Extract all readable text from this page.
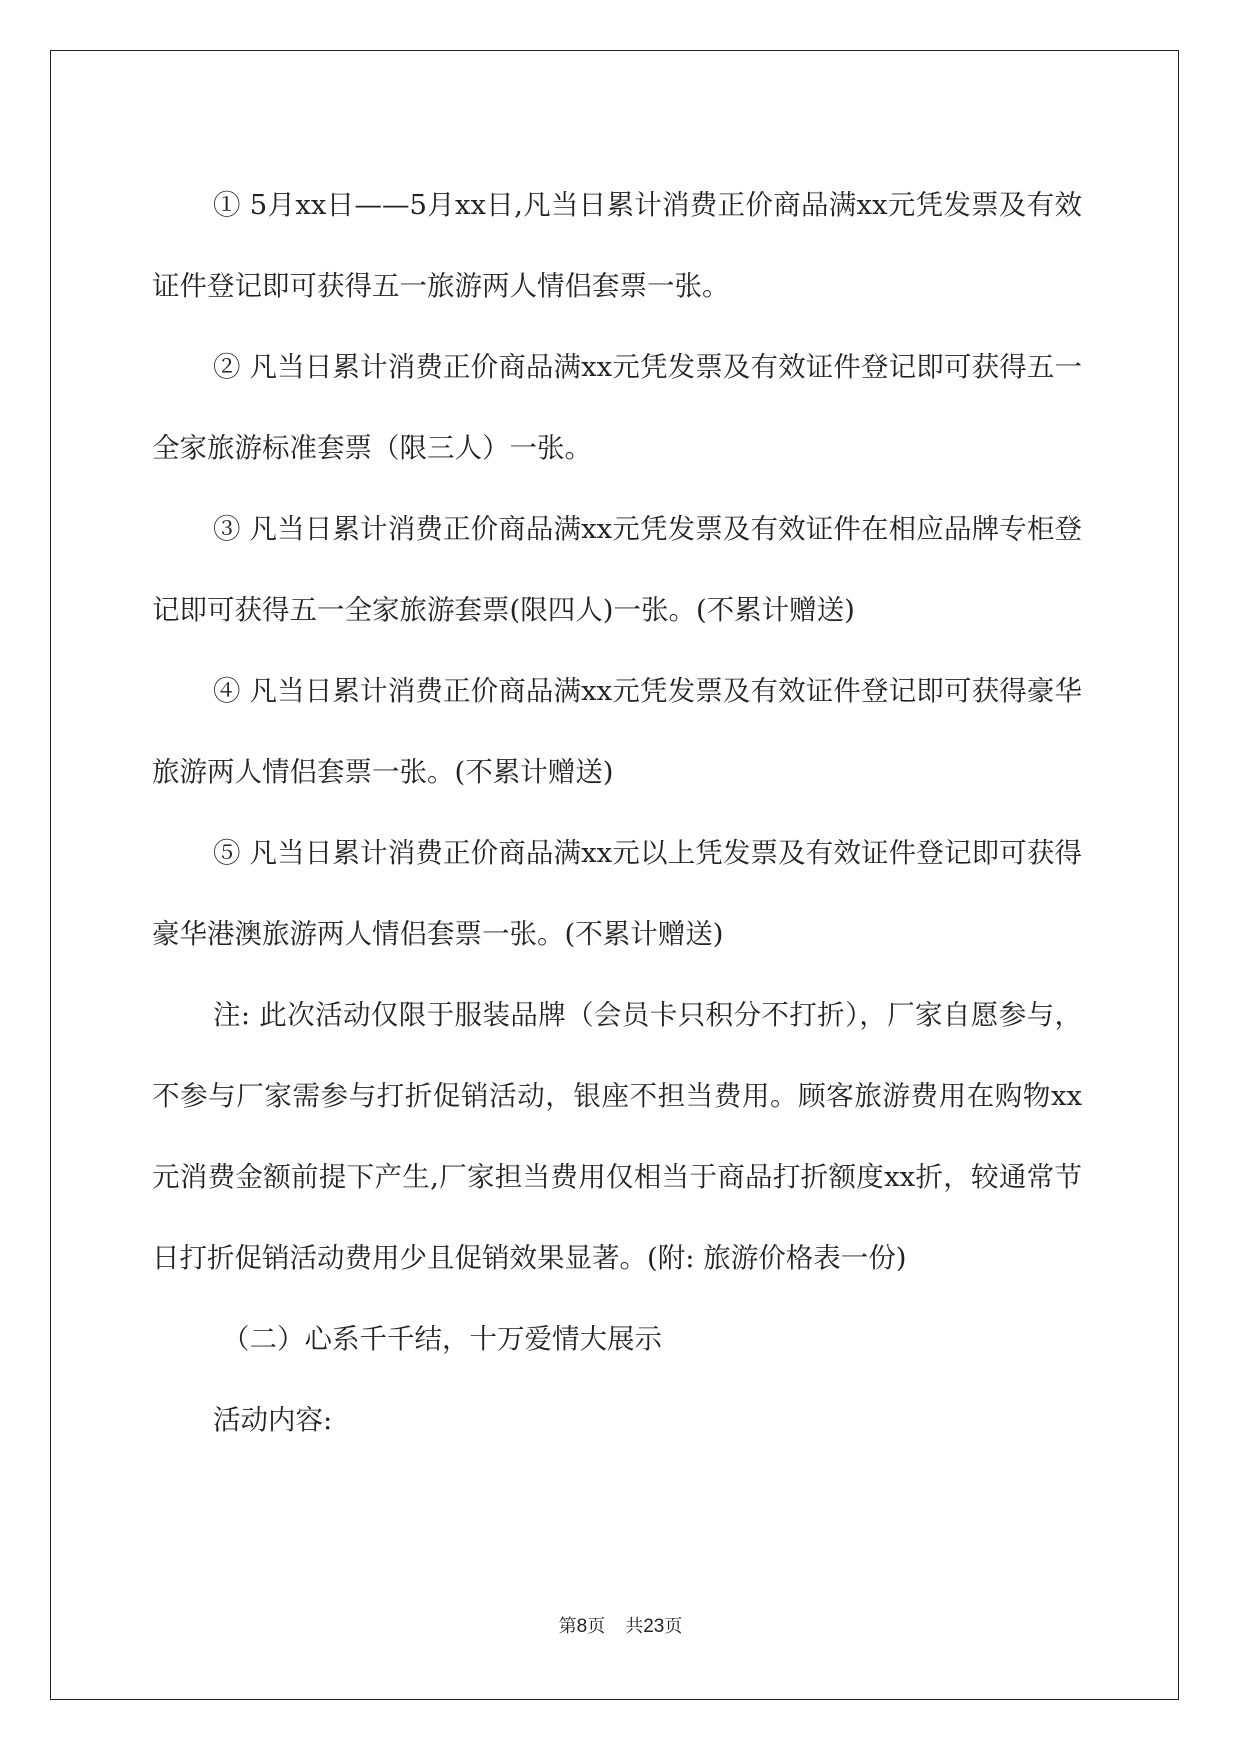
① 5月xx日——5月xx日,凡当日累计消费正价商品满xx元凭发票及有效证件登记即可获得五一旅游两人情侣套票一张。

② 凡当日累计消费正价商品满xx元凭发票及有效证件登记即可获得五一全家旅游标准套票（限三人）一张。

③ 凡当日累计消费正价商品满xx元凭发票及有效证件在相应品牌专柜登记即可获得五一全家旅游套票(限四人)一张。(不累计赠送)

④ 凡当日累计消费正价商品满xx元凭发票及有效证件登记即可获得豪华旅游两人情侣套票一张。(不累计赠送)

⑤ 凡当日累计消费正价商品满xx元以上凭发票及有效证件登记即可获得豪华港澳旅游两人情侣套票一张。(不累计赠送)

注: 此次活动仅限于服装品牌（会员卡只积分不打折），厂家自愿参与，不参与厂家需参与打折促销活动，银座不担当费用。顾客旅游费用在购物xx元消费金额前提下产生,厂家担当费用仅相当于商品打折额度xx折，较通常节日打折促销活动费用少且促销效果显著。(附: 旅游价格表一份)

（二）心系千千结，十万爱情大展示

活动内容:

第8页 共23页
